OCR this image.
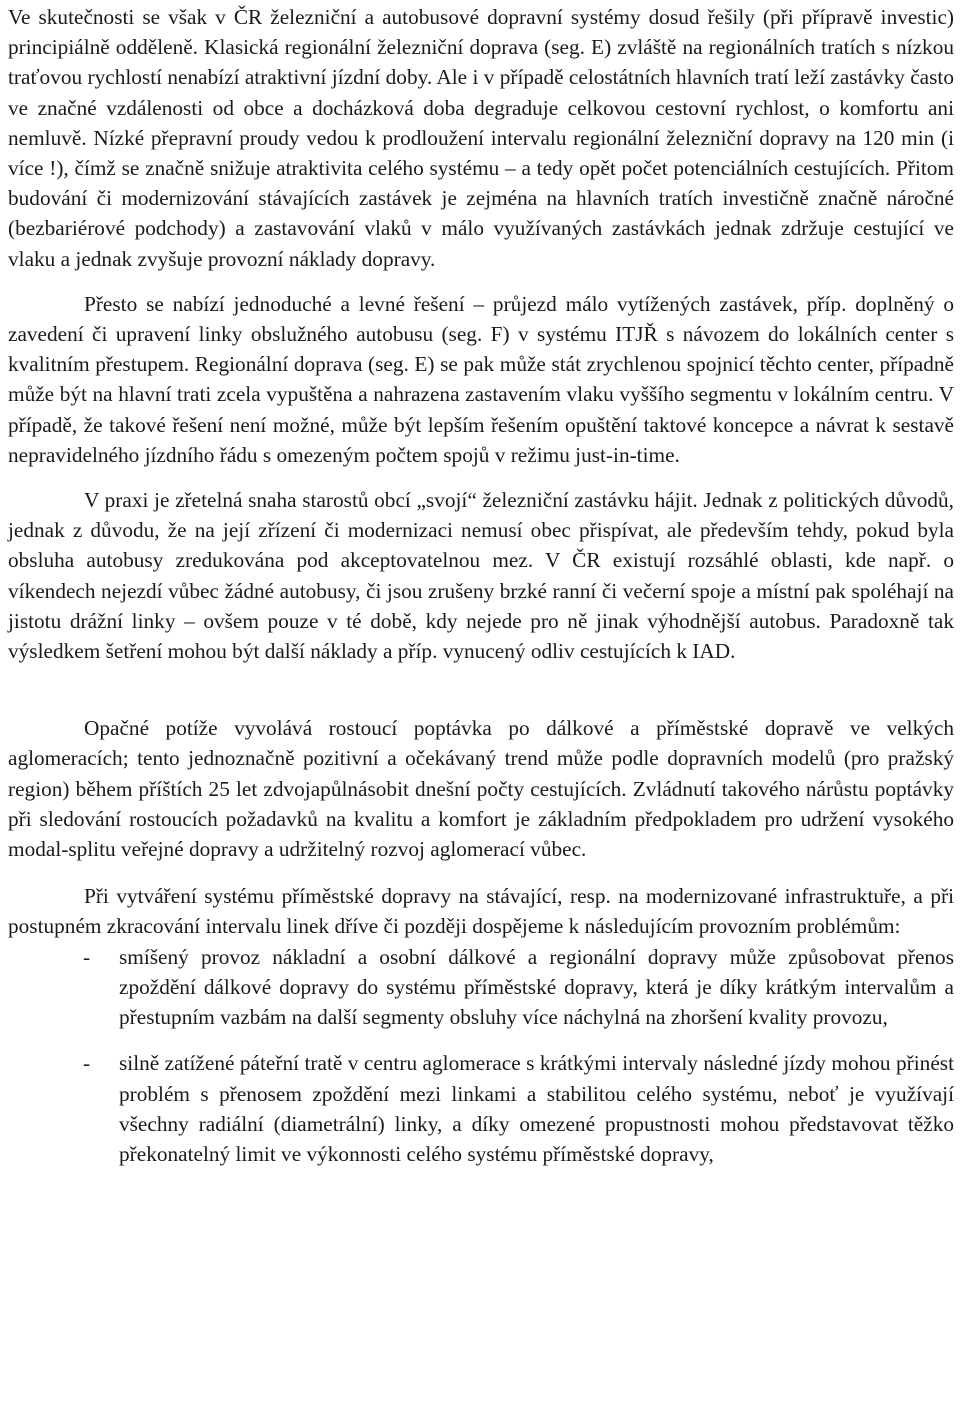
Ve skutečnosti se však v ČR železniční a autobusové dopravní systémy dosud řešily (při přípravě investic) principiálně odděleně. Klasická regionální železniční doprava (seg. E) zvláště na regionálních tratích s nízkou traťovou rychlostí nenabízí atraktivní jízdní doby. Ale i v případě celostátních hlavních tratí leží zastávky často ve značné vzdálenosti od obce a docházková doba degraduje celkovou cestovní rychlost, o komfortu ani nemluvě. Nízké přepravní proudy vedou k prodloužení intervalu regionální železniční dopravy na 120 min (i více !), čímž se značně snižuje atraktivita celého systému – a tedy opět počet potenciálních cestujících. Přitom budování či modernizování stávajících zastávek je zejména na hlavních tratích investičně značně náročné (bezbariérové podchody) a zastavování vlaků v málo využívaných zastávkách jednak zdržuje cestující ve vlaku a jednak zvyšuje provozní náklady dopravy.

Přesto se nabízí jednoduché a levné řešení – průjezd málo vytížených zastávek, příp. doplněný o zavedení či upravení linky obslužného autobusu (seg. F) v systému ITJŘ s návozem do lokálních center s kvalitním přestupem. Regionální doprava (seg. E) se pak může stát zrychlenou spojnicí těchto center, případně může být na hlavní trati zcela vypuštěna a nahrazena zastavením vlaku vyššího segmentu v lokálním centru. V případě, že takové řešení není možné, může být lepším řešením opuštění taktové koncepce a návrat k sestavě nepravidelného jízdního řádu s omezeným počtem spojů v režimu just-in-time.

V praxi je zřetelná snaha starostů obcí „svojí“ železniční zastávku hájit. Jednak z politických důvodů, jednak z důvodu, že na její zřízení či modernizaci nemusí obec přispívat, ale především tehdy, pokud byla obsluha autobusy zredukována pod akceptovatelnou mez. V ČR existují rozsáhlé oblasti, kde např. o víkendech nejezdí vůbec žádné autobusy, či jsou zrušeny brzké ranní či večerní spoje a místní pak spoléhají na jistotu drážní linky – ovšem pouze v té době, kdy nejede pro ně jinak výhodnější autobus. Paradoxně tak výsledkem šetření mohou být další náklady a příp. vynucený odliv cestujících k IAD.

Opačné potíže vyvolává rostoucí poptávka po dálkové a příměstské dopravě ve velkých aglomeracích; tento jednoznačně pozitivní a očekávaný trend může podle dopravních modelů (pro pražský region) během příštích 25 let zdvojapůlnásobit dnešní počty cestujících. Zvládnutí takového nárůstu poptávky při sledování rostoucích požadavků na kvalitu a komfort je základním předpokladem pro udržení vysokého modal-splitu veřejné dopravy a udržitelný rozvoj aglomerací vůbec.

Při vytváření systému příměstské dopravy na stávající, resp. na modernizované infrastruktuře, a při postupném zkracování intervalu linek dříve či později dospějeme k následujícím provozním problémům:

- smíšený provoz nákladní a osobní dálkové a regionální dopravy může způsobovat přenos zpoždění dálkové dopravy do systému příměstské dopravy, která je díky krátkým intervalům a přestupním vazbám na další segmenty obsluhy více náchylná na zhoršení kvality provozu,
- silně zatížené páteřní tratě v centru aglomerace s krátkými intervaly následné jízdy mohou přinést problém s přenosem zpoždění mezi linkami a stabilitou celého systému, neboť je využívají všechny radiální (diametrální) linky, a díky omezené propustnosti mohou představovat těžko překonatelný limit ve výkonnosti celého systému příměstské dopravy,
